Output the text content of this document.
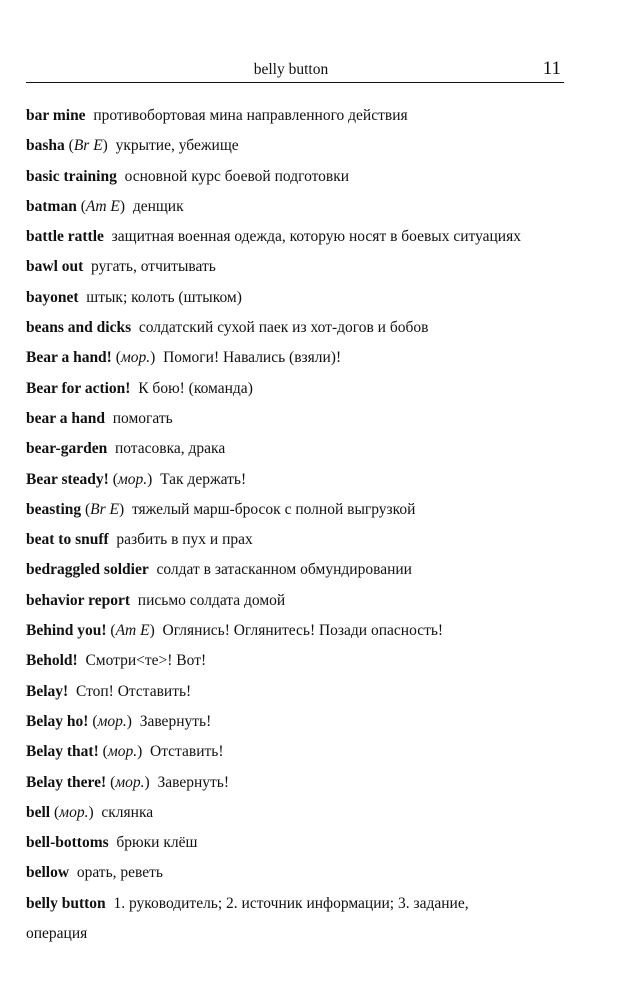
belly button	11
bar mine противобортовая мина направленного действия
basha (Br E) укрытие, убежище
basic training основной курс боевой подготовки
batman (Am E) денщик
battle rattle защитная военная одежда, которую носят в боевых ситуациях
bawl out ругать, отчитывать
bayonet штык; колоть (штыком)
beans and dicks солдатский сухой паек из хот-догов и бобов
Bear a hand! (мор.) Помоги! Навались (взяли)!
Bear for action! К бою! (команда)
bear a hand помогать
bear-garden потасовка, драка
Bear steady! (мор.) Так держать!
beasting (Br E) тяжелый марш-бросок с полной выгрузкой
beat to snuff разбить в пух и прах
bedraggled soldier солдат в затасканном обмундировании
behavior report письмо солдата домой
Behind you! (Am E) Оглянись! Оглянитесь! Позади опасность!
Behold! Смотри<те>! Вот!
Belay! Стоп! Отставить!
Belay ho! (мор.) Завернуть!
Belay that! (мор.) Отставить!
Belay there! (мор.) Завернуть!
bell (мор.) склянка
bell-bottoms брюки клёш
bellow орать, реветь
belly button 1. руководитель; 2. источник информации; 3. задание, операция
